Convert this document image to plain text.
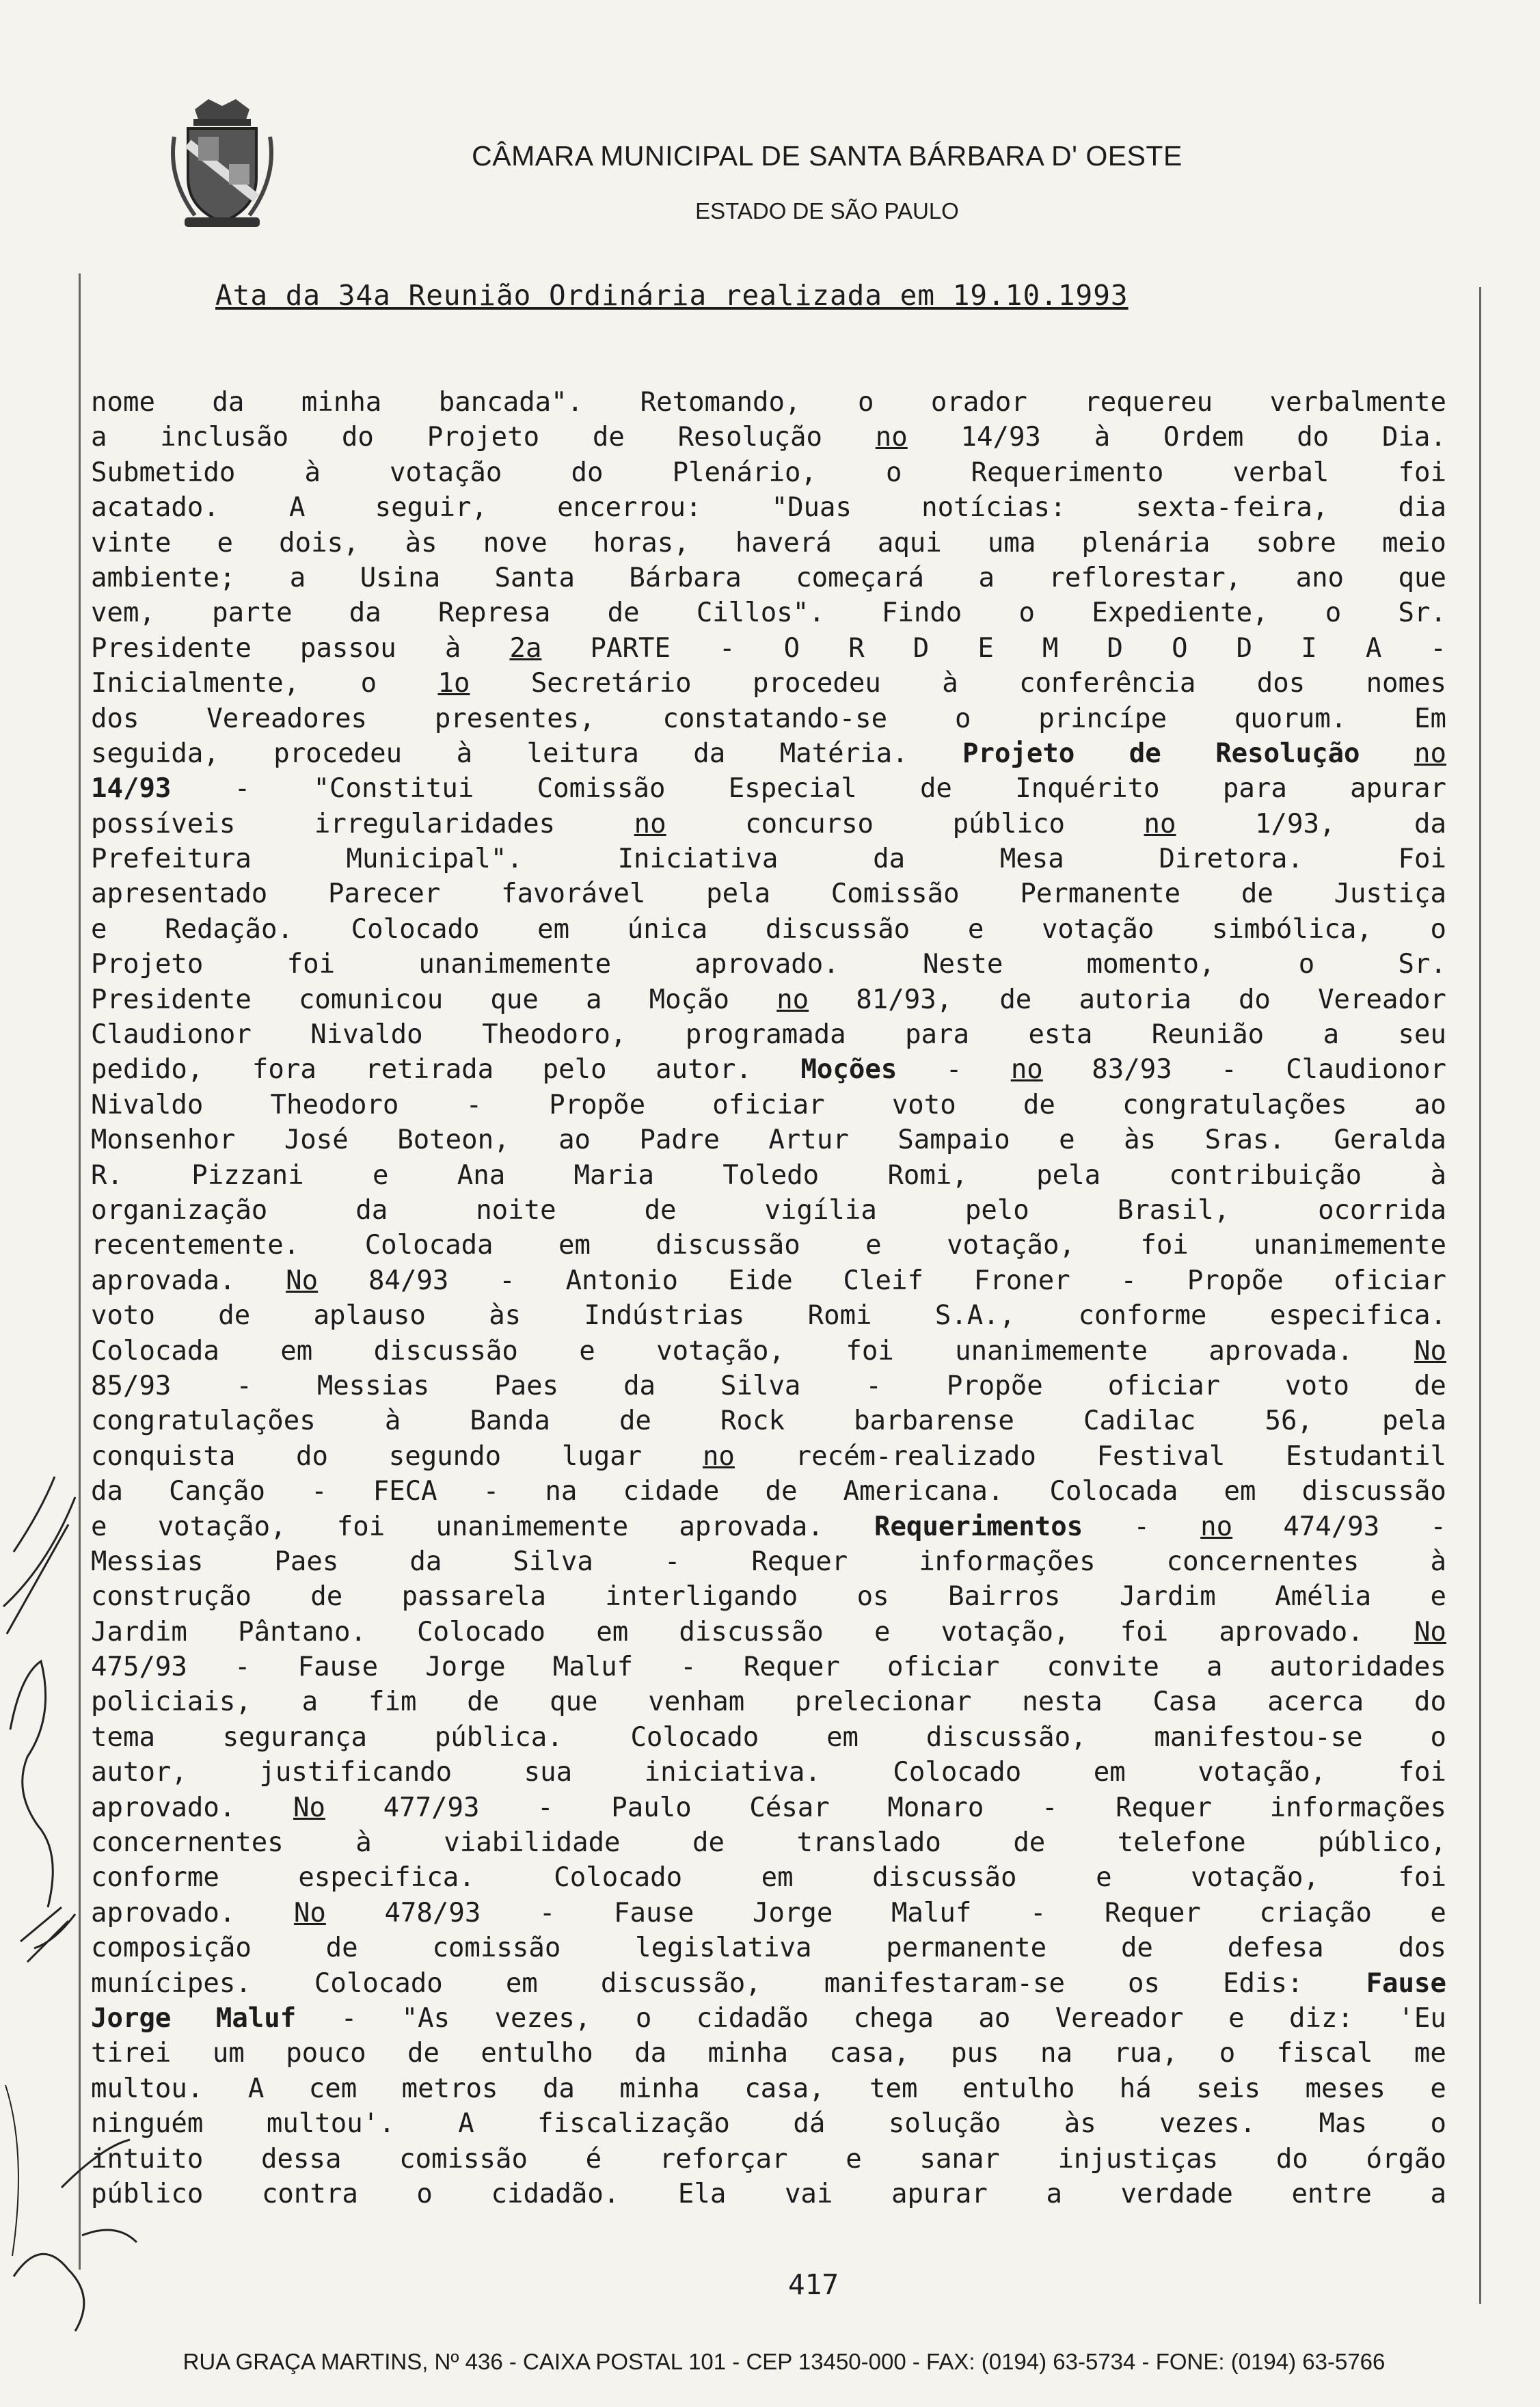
CÂMARA MUNICIPAL DE SANTA BÁRBARA D' OESTE
ESTADO DE SÃO PAULO
Ata da 34a Reunião Ordinária realizada em 19.10.1993
nome da minha bancada". Retomando, o orador requereu verbalmente
a inclusão do Projeto de Resolução no 14/93 à Ordem do Dia.
Submetido	à	votação	do	Plenário,	o	Requerimento	verbal	foi
acatado.	A	seguir,	encerrou:	"Duas	notícias:	sexta-feira,	dia
vinte e dois, às nove horas, haverá aqui uma plenária sobre meio
ambiente; a Usina Santa Bárbara começará a reflorestar, ano que
vem, parte da Represa de Cillos". Findo o Expediente, o Sr.
Presidente passou à 2a PARTE - O R D E M D O D I A -
Inicialmente, o 1o Secretário procedeu à conferência dos nomes
dos	Vereadores	presentes,	constatando-se	o	princípe	quorum.	Em
seguida, procedeu à leitura da Matéria. Projeto de Resolução no
14/93 - "Constitui Comissão Especial de Inquérito para apurar
possíveis	irregularidades	no	concurso	público	no	1/93,	da
Prefeitura	Municipal".	Iniciativa	da	Mesa	Diretora.	Foi
apresentado Parecer favorável pela Comissão Permanente de Justiça
e Redação. Colocado em única discussão e votação simbólica, o
Projeto	foi	unanimemente	aprovado.	Neste	momento,	o	Sr.
Presidente comunicou que a Moção no 81/93, de autoria do Vereador
Claudionor Nivaldo Theodoro, programada para esta Reunião a seu
pedido, fora retirada pelo autor. Moções - no 83/93 - Claudionor
Nivaldo	Theodoro	-	Propõe	oficiar	voto	de	congratulações	ao
Monsenhor José Boteon, ao Padre Artur Sampaio e às Sras. Geralda
R.	Pizzani	e	Ana	Maria	Toledo	Romi,	pela	contribuição	à
organização	da	noite	de	vigília	pelo	Brasil,	ocorrida
recentemente. Colocada em discussão e votação, foi unanimemente
aprovada. No 84/93 - Antonio Eide Cleif Froner - Propõe oficiar
voto de aplauso às Indústrias Romi S.A., conforme especifica.
Colocada em discussão e votação, foi unanimemente aprovada. No
85/93 - Messias Paes da Silva - Propõe oficiar voto de
congratulações	à	Banda	de	Rock	barbarense	Cadilac	56,	pela
conquista do segundo lugar no recém-realizado Festival Estudantil
da Canção - FECA - na cidade de Americana. Colocada em discussão
e votação, foi unanimemente aprovada. Requerimentos - no 474/93 -
Messias	Paes	da	Silva	-	Requer	informações	concernentes	à
construção de passarela interligando os Bairros Jardim Amélia e
Jardim Pântano. Colocado em discussão e votação, foi aprovado. No
475/93 - Fause Jorge Maluf - Requer oficiar convite a autoridades
policiais, a fim de que venham prelecionar nesta Casa acerca do
tema	segurança	pública.	Colocado	em	discussão,	manifestou-se	o
autor,	justificando	sua	iniciativa.	Colocado	em	votação,	foi
aprovado. No 477/93 - Paulo César Monaro - Requer informações
concernentes	à	viabilidade	de	translado	de	telefone	público,
conforme	especifica.	Colocado	em	discussão	e	votação,	foi
aprovado. No 478/93 - Fause Jorge Maluf - Requer criação e
composição	de	comissão	legislativa	permanente	de	defesa	dos
munícipes. Colocado em discussão, manifestaram-se os Edis: Fause
Jorge Maluf - "As vezes, o cidadão chega ao Vereador e diz: 'Eu
tirei um pouco de entulho da minha casa, pus na rua, o fiscal me
multou. A cem metros da minha casa, tem entulho há seis meses e
ninguém multou'. A fiscalização dá solução às vezes. Mas o
intuito dessa comissão é reforçar e sanar injustiças do órgão
público contra o cidadão. Ela vai apurar a verdade entre a
417
RUA GRAÇA MARTINS, Nº 436 - CAIXA POSTAL 101 - CEP 13450-000 - FAX: (0194) 63-5734 - FONE: (0194) 63-5766
